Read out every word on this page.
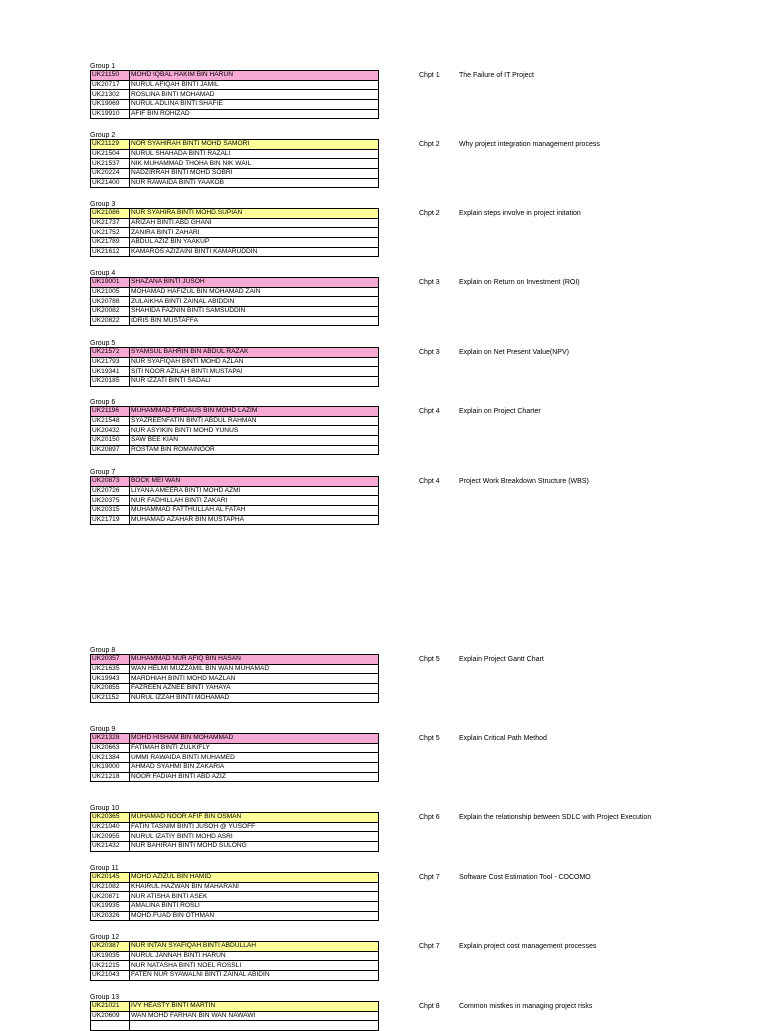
Group 1
UK21150	MOHD IQBAL HAKIM BIN HARUN
UK20717	NURUL AFIQAH BINTI JAMIL
UK21302	ROSLINA BINTI MOHAMAD
UK19069	NURUL ADLINA BINTI SHAFIE
UK19910	AFIF BIN ROHIZAD
Chpt 1	The Failure of IT Project
Group 2
UK21129	NOR SYAHIRAH BINTI MOHD SAMORI
UK21504	NURUL SHAHADA BINTI RAZALI
UK21537	NIK MUHAMMAD THOHA BIN NIK WAIL
UK20224	NADZIRRAH BINTI MOHD SOBRI
UK21400	NUR RAWAIDA BINTI YAAKOB
Chpt 2	Why project integration management process
Group 3
UK21086	NUR SYAHIRA BINTI MOHD.SUPIAN
UK21737	ARIZAH BINTI ABD GHANI
UK21752	ZANIRA BINTI ZAHARI
UK21789	ABDUL AZIZ BIN YAAKUP
UK21612	KAMAROS AZIZAINI BINTI KAMARUDDIN
Chpt 2	Explain steps involve in project initation
Group 4
UK19001	SHAZANA BINTI JUSOH
UK21005	MOHAMAD HAFIZUL BIN MOHAMAD ZAIN
UK20788	ZULAIKHA BINTI ZAINAL ABIDDIN
UK20082	SHAHIDA FAZNIN BINTI SAMSUDDIN
UK20822	IDRIS BIN MUSTAFFA
Chpt 3	Explain on Return on Investment (ROI)
Group 5
UK21572	SYAMSUL BAHRIN BIN ABDUL RAZAK
UK21793	NUR SYAFIQAH BINTI MOHD AZLAN
UK19341	SITI NOOR AZILAH BINTI MUSTAPAI
UK20185	NUR IZZATI BINTI SADALI
Chpt 3	Explain on Net Present Value(NPV)
Group 6
UK21196	MUHAMMAD FIRDAUS BIN MOHD LAZIM
UK21548	SYAZREENFATIN BINTI ABDUL RAHMAN
UK20432	NUR ASYIKIN BINTI MOHD YUNUS
UK20150	SAW BEE KIAN
UK20897	ROSTAM BIN ROMAINOOR
Chpt 4	Explain on Project Charter
Group 7
UK20873	BOCK MEI WAN
UK20726	LIYANA AMEERA BINTI MOHD AZMI
UK20375	NUR FADHILLAH BINTI ZAKARI
UK20315	MUHAMMAD FATTHULLAH AL FATAH
UK21719	MUHAMAD AZAHAR BIN MUSTAPHA
Chpt 4	Project Work Breakdown Structure (WBS)
Group 8
UK20357	MUHAMMAD NUR AFIQ BIN HASAN
UK21635	WAN HELMI MUZZAMIL BIN WAN MUHAMAD
UK19943	MARDHIAH BINTI MOHD MAZLAN
UK20855	FAZREEN AZNEE BINTI YAHAYA
UK21152	NURUL IZZAH BINTI MOHAMAD
Chpt 5	Explain Project Gantt Chart
Group 9
UK21328	MOHD HISHAM BIN MOHAMMAD
UK20663	FATIMAH BINTI ZULKIFLY
UK21384	UMMI RAWAIDA BINTI MUHAMED
UK19000	AHMAD SYAHMI BIN ZAKARIA
UK21218	NOOR FADIAH BINTI ABD AZIZ
Chpt 5	Explain Critical Path Method
Group 10
UK20365	MUHAMAD NOOR AFIF BIN OSMAN
UK21040	FATIN TASNIM BINTI JUSOH @ YUSOFF
UK20955	NURUL IZATIY BINTI MOHD ASRI
UK21432	NUR BAHIRAH BINTI MOHD SULONG
Chpt 6	Explain the relationship between SDLC with Project Execution
Group 11
UK20145	MOHD AZIZUL BIN HAMID
UK21082	KHAIRUL HAZWAN BIN MAHARANI
UK20871	NUR ATISHA BINTI ASEK
UK19935	AMALINA BINTI ROSLI
UK20326	MOHD.FUAD BIN OTHMAN
Chpt 7	Software Cost Estimation Tool - COCOMO
Group 12
UK20387	NUR INTAN SYAFIQAH BINTI ABDULLAH
UK19035	NURUL JANNAH BINTI HARUN
UK21215	NUR NATASHA BINTI NOEL ROSSLI
UK21043	FATEN NUR SYAWALNI BINTI ZAINAL ABIDIN
Chpt 7	Explain project cost management processes
Group 13
UK21021	IVY HEASTY BINTI MARTIN
UK20609	WAN MOHD FARHAN BIN WAN NAWAWI

Chpt 8	Common mistkes in managing project risks
